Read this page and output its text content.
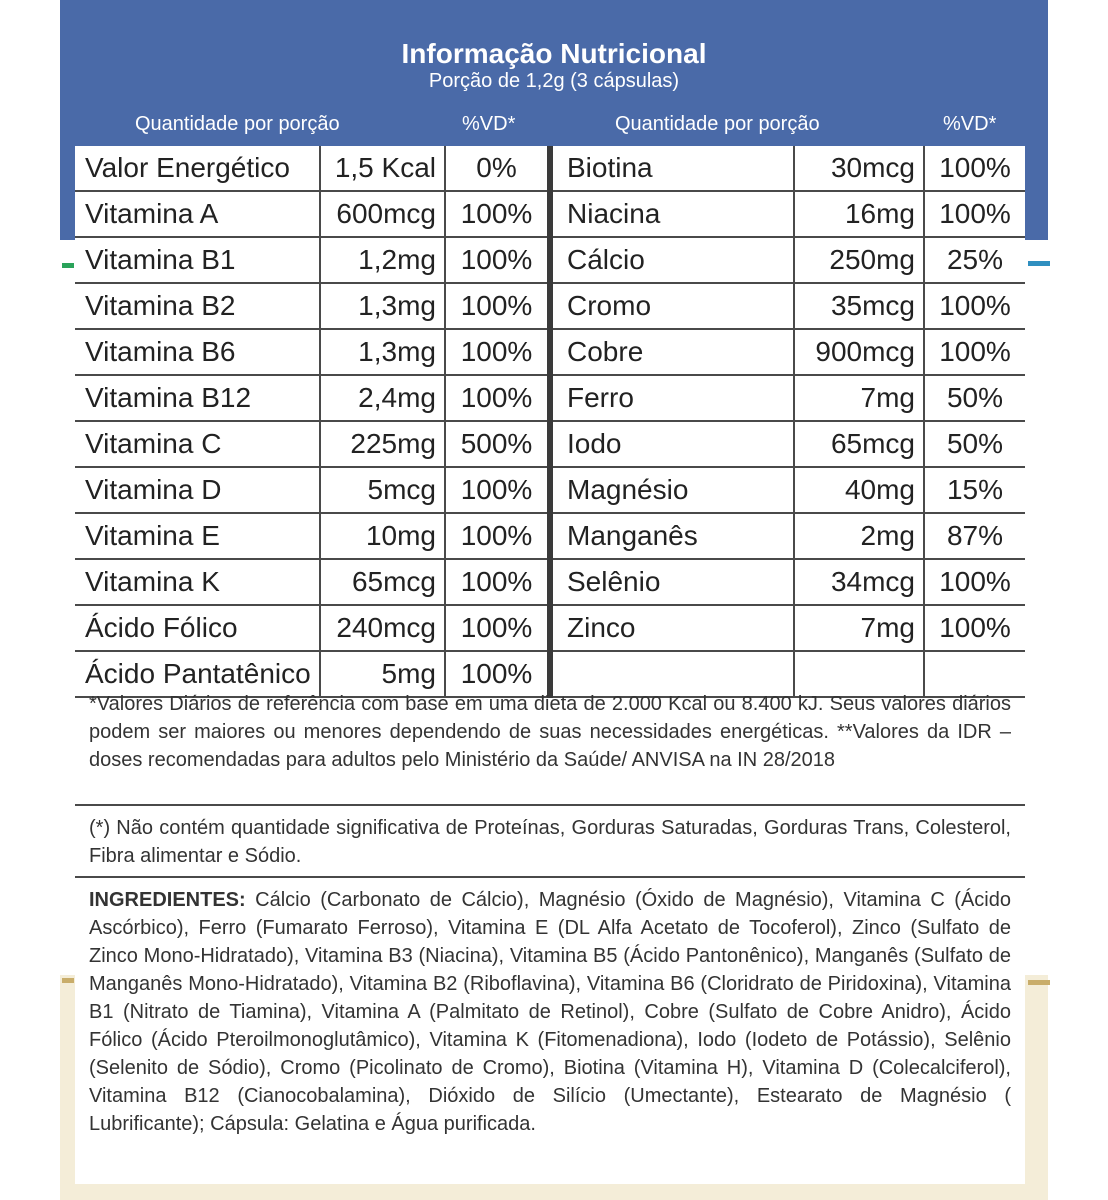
Informação Nutricional
Porção de 1,2g (3 cápsulas)
Quantidade por porção	%VD*	Quantidade por porção	%VD*
Valor Energético	1,5 Kcal	0%	Biotina	30mcg	100%
Vitamina A	600mcg	100%	Niacina	16mg	100%
Vitamina B1	1,2mg	100%	Cálcio	250mg	25%
Vitamina B2	1,3mg	100%	Cromo	35mcg	100%
Vitamina B6	1,3mg	100%	Cobre	900mcg	100%
Vitamina B12	2,4mg	100%	Ferro	7mg	50%
Vitamina C	225mg	500%	Iodo	65mcg	50%
Vitamina D	5mcg	100%	Magnésio	40mg	15%
Vitamina E	10mg	100%	Manganês	2mg	87%
Vitamina K	65mcg	100%	Selênio	34mcg	100%
Ácido Fólico	240mcg	100%	Zinco	7mg	100%
Ácido Pantatênico	5mg	100%			
*Valores Diários de referência com base em uma dieta de 2.000 Kcal ou 8.400 kJ. Seus valores diários podem ser maiores ou menores dependendo de suas necessidades energéticas. **Valores da IDR – doses recomendadas para adultos pelo Ministério da Saúde/ ANVISA na IN 28/2018
(*) Não contém quantidade significativa de Proteínas, Gorduras Saturadas, Gorduras Trans, Colesterol, Fibra alimentar e Sódio.
INGREDIENTES: Cálcio (Carbonato de Cálcio), Magnésio (Óxido de Magnésio), Vitamina C (Ácido Ascórbico), Ferro (Fumarato Ferroso), Vitamina E (DL Alfa Acetato de Tocoferol), Zinco (Sulfato de Zinco Mono-Hidratado), Vitamina B3 (Niacina), Vitamina B5 (Ácido Pantonênico), Manganês (Sulfato de Manganês Mono-Hidratado), Vitamina B2 (Riboflavina), Vitamina B6 (Cloridrato de Piridoxina), Vitamina B1 (Nitrato de Tiamina), Vitamina A (Palmitato de Retinol), Cobre (Sulfato de Cobre Anidro), Ácido Fólico (Ácido Pteroilmonoglutâmico), Vitamina K (Fitomenadiona), Iodo (Iodeto de Potássio), Selênio (Selenito de Sódio), Cromo (Picolinato de Cromo), Biotina (Vitamina H), Vitamina D (Colecalciferol), Vitamina B12 (Cianocobalamina), Dióxido de Silício (Umectante), Estearato de Magnésio ( Lubrificante); Cápsula: Gelatina e Água purificada.
